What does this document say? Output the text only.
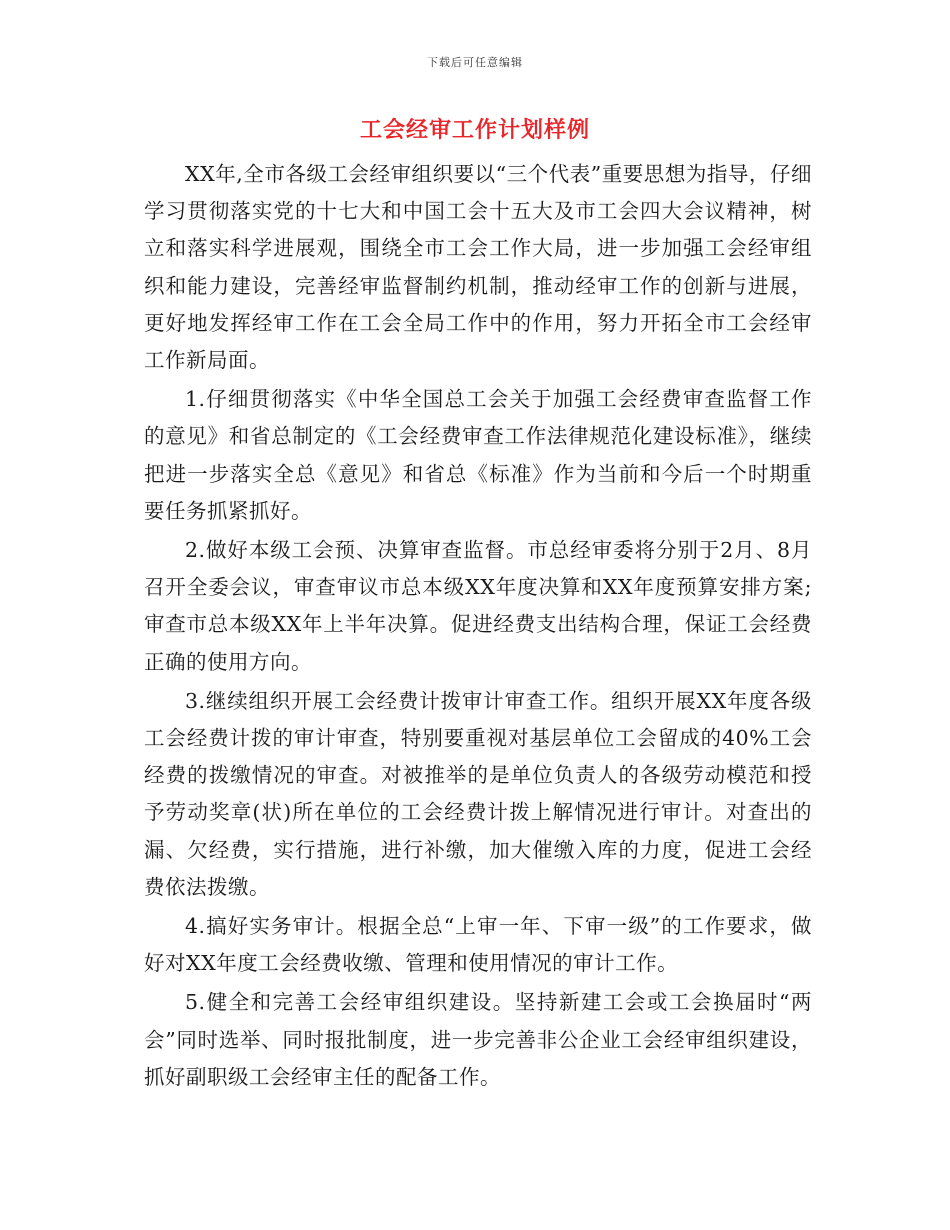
下载后可任意编辑
工会经审工作计划样例

XX年,全市各级工会经审组织要以“三个代表”重要思想为指导，仔细学习贯彻落实党的十七大和中国工会十五大及市工会四大会议精神，树立和落实科学进展观，围绕全市工会工作大局，进一步加强工会经审组织和能力建设，完善经审监督制约机制，推动经审工作的创新与进展，更好地发挥经审工作在工会全局工作中的作用，努力开拓全市工会经审工作新局面。

1.仔细贯彻落实《中华全国总工会关于加强工会经费审查监督工作的意见》和省总制定的《工会经费审查工作法律规范化建设标准》，继续把进一步落实全总《意见》和省总《标准》作为当前和今后一个时期重要任务抓紧抓好。

2.做好本级工会预、决算审查监督。市总经审委将分别于2月、8月召开全委会议，审查审议市总本级XX年度决算和XX年度预算安排方案;审查市总本级XX年上半年决算。促进经费支出结构合理，保证工会经费正确的使用方向。

3.继续组织开展工会经费计拨审计审查工作。组织开展XX年度各级工会经费计拨的审计审查，特别要重视对基层单位工会留成的40%工会经费的拨缴情况的审查。对被推举的是单位负责人的各级劳动模范和授予劳动奖章(状)所在单位的工会经费计拨上解情况进行审计。对查出的漏、欠经费，实行措施，进行补缴，加大催缴入库的力度，促进工会经费依法拨缴。

4.搞好实务审计。根据全总“上审一年、下审一级”的工作要求，做好对XX年度工会经费收缴、管理和使用情况的审计工作。

5.健全和完善工会经审组织建设。坚持新建工会或工会换届时“两会”同时选举、同时报批制度，进一步完善非公企业工会经审组织建设，抓好副职级工会经审主任的配备工作。
